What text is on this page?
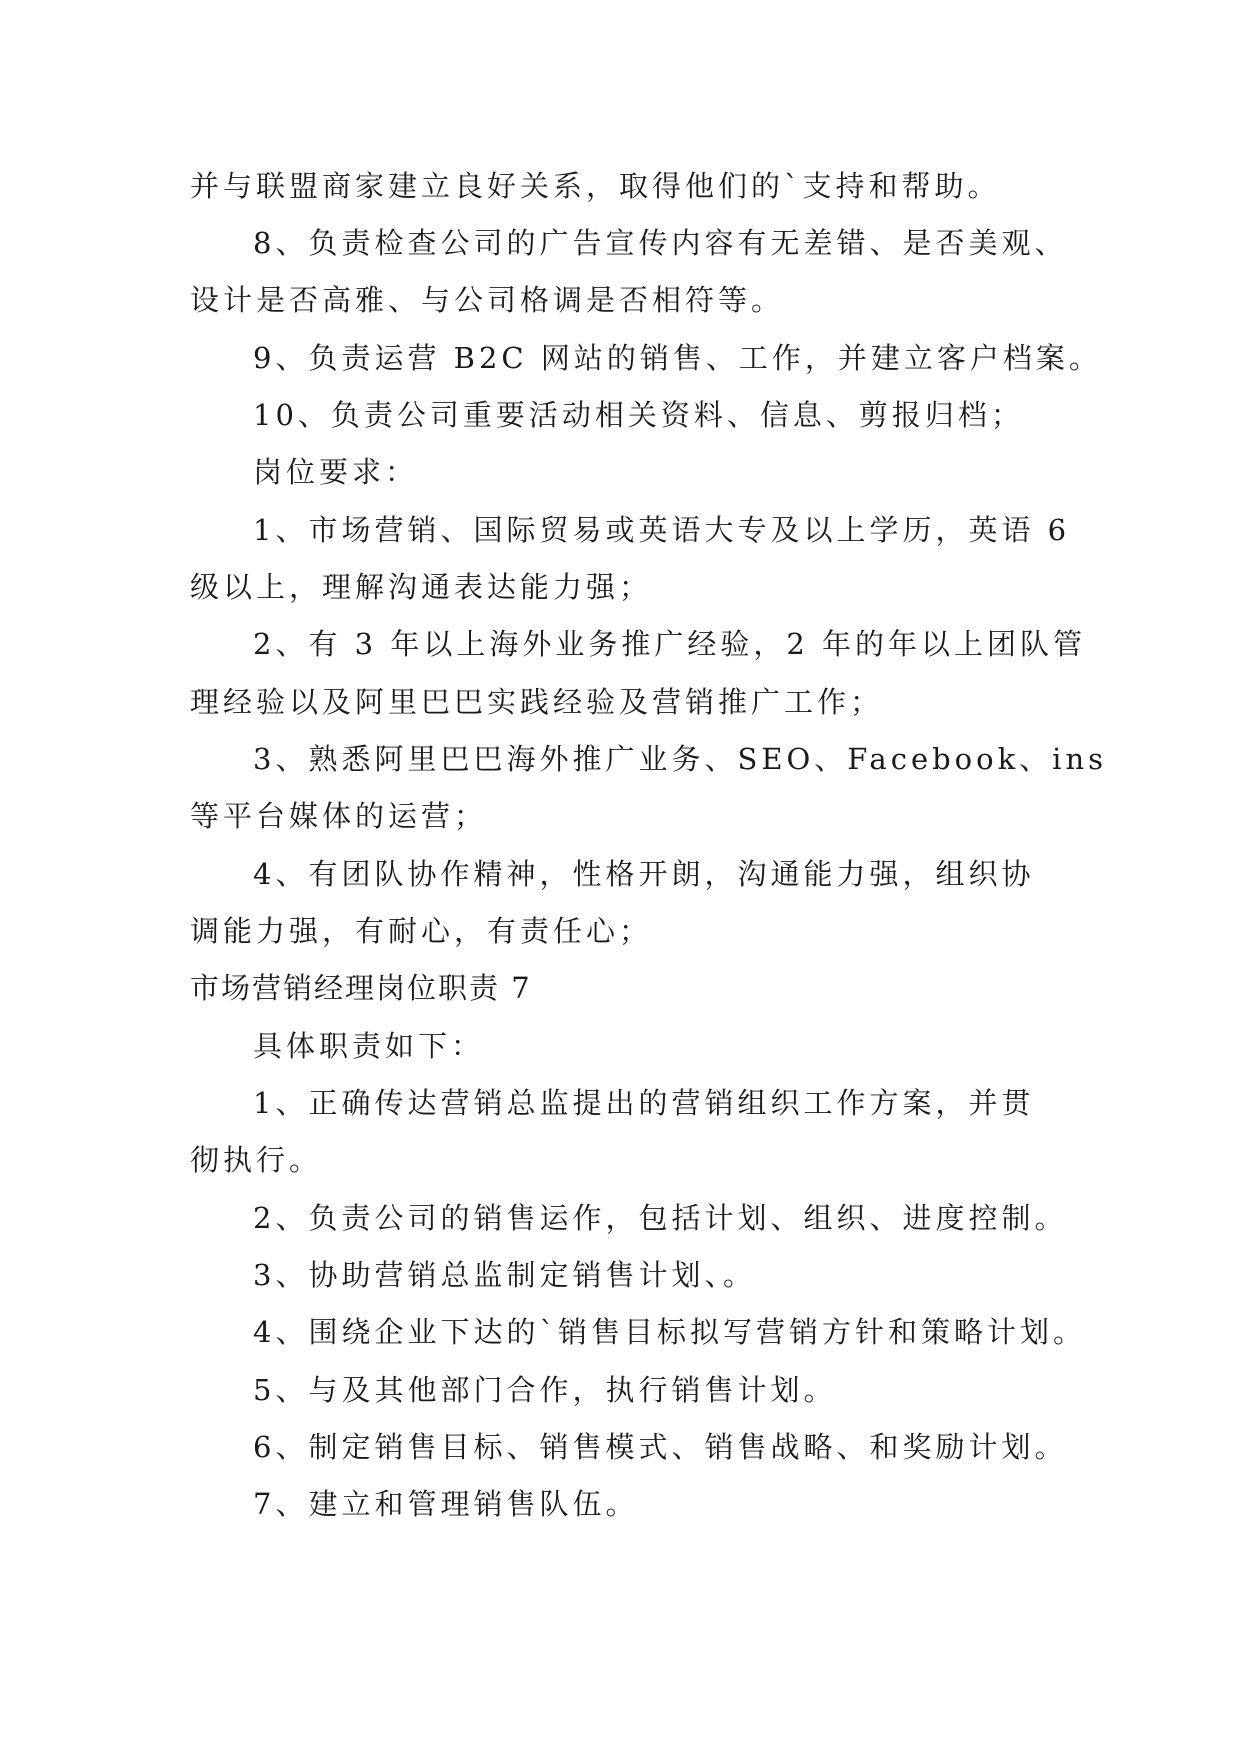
并与联盟商家建立良好关系，取得他们的`支持和帮助。
8、负责检查公司的广告宣传内容有无差错、是否美观、
设计是否高雅、与公司格调是否相符等。
9、负责运营 B2C 网站的销售、工作，并建立客户档案。
10、负责公司重要活动相关资料、信息、剪报归档；
岗位要求：
1、市场营销、国际贸易或英语大专及以上学历，英语 6
级以上，理解沟通表达能力强；
2、有 3 年以上海外业务推广经验，2 年的年以上团队管
理经验以及阿里巴巴实践经验及营销推广工作；
3、熟悉阿里巴巴海外推广业务、SEO、Facebook、ins
等平台媒体的运营；
4、有团队协作精神，性格开朗，沟通能力强，组织协
调能力强，有耐心，有责任心；
市场营销经理岗位职责 7
具体职责如下：
1、正确传达营销总监提出的营销组织工作方案，并贯
彻执行。
2、负责公司的销售运作，包括计划、组织、进度控制。
3、协助营销总监制定销售计划、。
4、围绕企业下达的`销售目标拟写营销方针和策略计划。
5、与及其他部门合作，执行销售计划。
6、制定销售目标、销售模式、销售战略、和奖励计划。
7、建立和管理销售队伍。
